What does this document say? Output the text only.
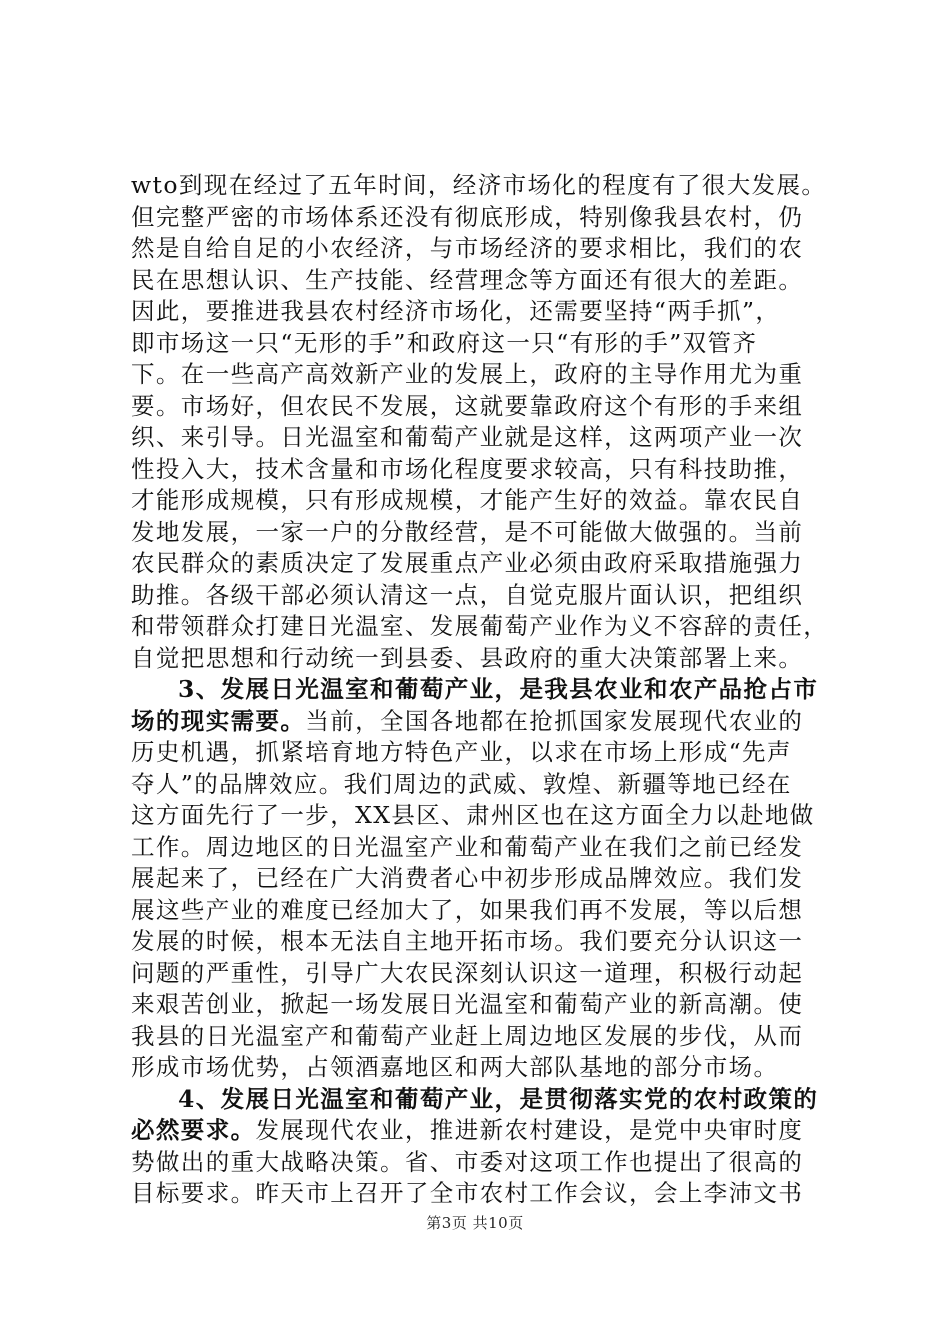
wto到现在经过了五年时间，经济市场化的程度有了很大发展。
但完整严密的市场体系还没有彻底形成，特别像我县农村，仍
然是自给自足的小农经济，与市场经济的要求相比，我们的农
民在思想认识、生产技能、经营理念等方面还有很大的差距。
因此，要推进我县农村经济市场化，还需要坚持“两手抓”，
即市场这一只“无形的手”和政府这一只“有形的手”双管齐
下。在一些高产高效新产业的发展上，政府的主导作用尤为重
要。市场好，但农民不发展，这就要靠政府这个有形的手来组
织、来引导。日光温室和葡萄产业就是这样，这两项产业一次
性投入大，技术含量和市场化程度要求较高，只有科技助推，
才能形成规模，只有形成规模，才能产生好的效益。靠农民自
发地发展，一家一户的分散经营，是不可能做大做强的。当前
农民群众的素质决定了发展重点产业必须由政府采取措施强力
助推。各级干部必须认清这一点，自觉克服片面认识，把组织
和带领群众打建日光温室、发展葡萄产业作为义不容辞的责任，
自觉把思想和行动统一到县委、县政府的重大决策部署上来。
3、发展日光温室和葡萄产业，是我县农业和农产品抢占市
场的现实需要。当前，全国各地都在抢抓国家发展现代农业的
历史机遇，抓紧培育地方特色产业，以求在市场上形成“先声
夺人”的品牌效应。我们周边的武威、敦煌、新疆等地已经在
这方面先行了一步，XX县区、肃州区也在这方面全力以赴地做
工作。周边地区的日光温室产业和葡萄产业在我们之前已经发
展起来了，已经在广大消费者心中初步形成品牌效应。我们发
展这些产业的难度已经加大了，如果我们再不发展，等以后想
发展的时候，根本无法自主地开拓市场。我们要充分认识这一
问题的严重性，引导广大农民深刻认识这一道理，积极行动起
来艰苦创业，掀起一场发展日光温室和葡萄产业的新高潮。使
我县的日光温室产和葡萄产业赶上周边地区发展的步伐，从而
形成市场优势，占领酒嘉地区和两大部队基地的部分市场。
4、发展日光温室和葡萄产业，是贯彻落实党的农村政策的
必然要求。发展现代农业，推进新农村建设，是党中央审时度
势做出的重大战略决策。省、市委对这项工作也提出了很高的
目标要求。昨天市上召开了全市农村工作会议，会上李沛文书
第3页 共10页
